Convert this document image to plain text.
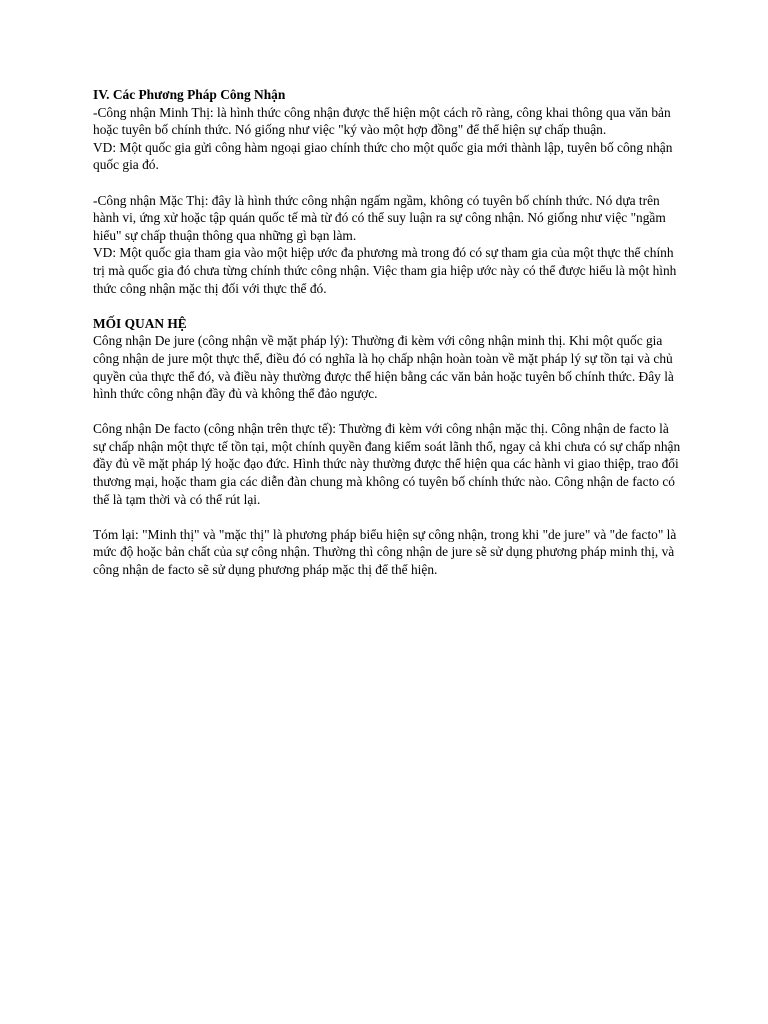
IV. Các Phương Pháp Công Nhận

-Công nhận Minh Thị: là hình thức công nhận được thể hiện một cách rõ ràng, công khai thông qua văn bản hoặc tuyên bố chính thức. Nó giống như việc "ký vào một hợp đồng" để thể hiện sự chấp thuận.

VD: Một quốc gia gửi công hàm ngoại giao chính thức cho một quốc gia mới thành lập, tuyên bố công nhận quốc gia đó.

-Công nhận Mặc Thị: đây là hình thức công nhận ngấm ngầm, không có tuyên bố chính thức. Nó dựa trên hành vi, ứng xử hoặc tập quán quốc tế mà từ đó có thể suy luận ra sự công nhận. Nó giống như việc "ngầm hiểu" sự chấp thuận thông qua những gì bạn làm.

VD: Một quốc gia tham gia vào một hiệp ước đa phương mà trong đó có sự tham gia của một thực thể chính trị mà quốc gia đó chưa từng chính thức công nhận. Việc tham gia hiệp ước này có thể được hiểu là một hình thức công nhận mặc thị đối với thực thể đó.

MỐI QUAN HỆ

Công nhận De jure (công nhận về mặt pháp lý): Thường đi kèm với công nhận minh thị. Khi một quốc gia công nhận de jure một thực thể, điều đó có nghĩa là họ chấp nhận hoàn toàn về mặt pháp lý sự tồn tại và chủ quyền của thực thể đó, và điều này thường được thể hiện bằng các văn bản hoặc tuyên bố chính thức. Đây là hình thức công nhận đầy đủ và không thể đảo ngược.

Công nhận De facto (công nhận trên thực tế): Thường đi kèm với công nhận mặc thị. Công nhận de facto là sự chấp nhận một thực tế tồn tại, một chính quyền đang kiểm soát lãnh thổ, ngay cả khi chưa có sự chấp nhận đầy đủ về mặt pháp lý hoặc đạo đức. Hình thức này thường được thể hiện qua các hành vi giao thiệp, trao đổi thương mại, hoặc tham gia các diễn đàn chung mà không có tuyên bố chính thức nào. Công nhận de facto có thể là tạm thời và có thể rút lại.

Tóm lại: "Minh thị" và "mặc thị" là phương pháp biểu hiện sự công nhận, trong khi "de jure" và "de facto" là mức độ hoặc bản chất của sự công nhận. Thường thì công nhận de jure sẽ sử dụng phương pháp minh thị, và công nhận de facto sẽ sử dụng phương pháp mặc thị để thể hiện.
